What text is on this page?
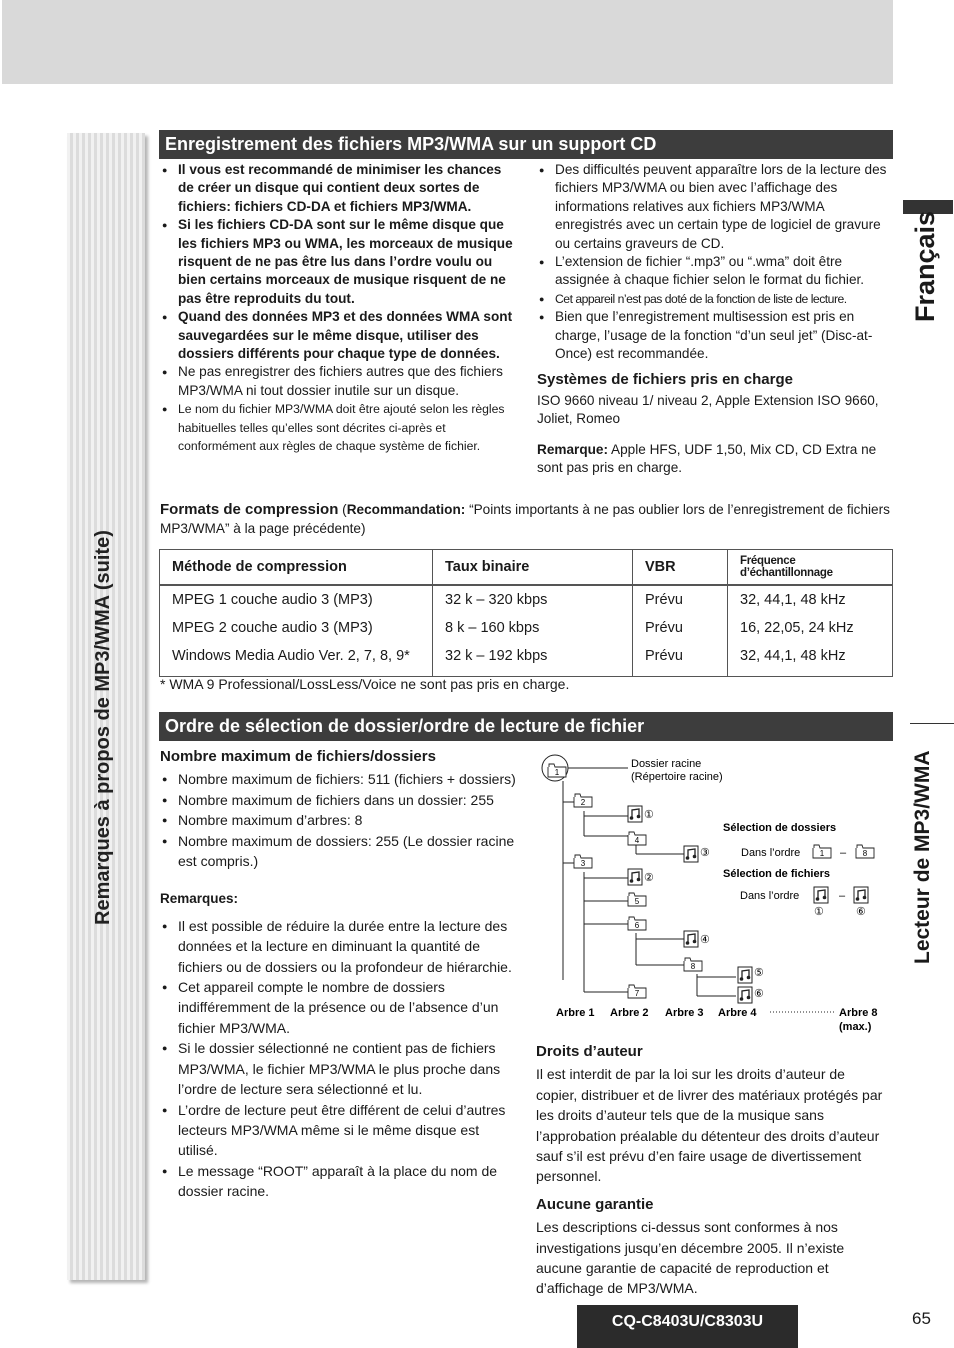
Remarques à propos de MP3/WMA (suite)
Français
Lecteur de MP3/WMA
Enregistrement des fichiers MP3/WMA sur un support CD
● Il vous est recommandé de minimiser les chances de créer un disque qui contient deux sortes de fichiers: fichiers CD-DA et fichiers MP3/WMA.
● Si les fichiers CD-DA sont sur le même disque que les fichiers MP3 ou WMA, les morceaux de musique risquent de ne pas être lus dans l’ordre voulu ou bien certains morceaux de musique risquent de ne pas être reproduits du tout.
● Quand des données MP3 et des données WMA sont sauvegardées sur le même disque, utiliser des dossiers différents pour chaque type de données.
● Ne pas enregistrer des fichiers autres que des fichiers MP3/WMA ni tout dossier inutile sur un disque.
● Le nom du fichier MP3/WMA doit être ajouté selon les règles habituelles telles qu’elles sont décrites ci-après et conformément aux règles de chaque système de fichier.
● Des difficultés peuvent apparaître lors de la lecture des fichiers MP3/WMA ou bien avec l’affichage des informations relatives aux fichiers MP3/WMA enregistrés avec un certain type de logiciel de gravure ou certains graveurs de CD.
● L’extension de fichier “.mp3” ou “.wma” doit être assignée à chaque fichier selon le format du fichier.
● Cet appareil n’est pas doté de la fonction de liste de lecture.
● Bien que l’enregistrement multisession est pris en charge, l’usage de la fonction “d’un seul jet” (Disc-at-Once) est recommandée.
Systèmes de fichiers pris en charge
ISO 9660 niveau 1/ niveau 2, Apple Extension ISO 9660, Joliet, Romeo
Remarque: Apple HFS, UDF 1,50, Mix CD, CD Extra ne sont pas pris en charge.
Formats de compression (Recommandation: “Points importants à ne pas oublier lors de l’enregistrement de fichiers MP3/WMA” à la page précédente)
Méthode de compression	Taux binaire	VBR	Fréquence d’échantillonnage
MPEG 1 couche audio 3 (MP3)	32 k – 320 kbps	Prévu	32, 44,1, 48 kHz
MPEG 2 couche audio 3 (MP3)	8 k – 160 kbps	Prévu	16, 22,05, 24 kHz
Windows Media Audio Ver. 2, 7, 8, 9*	32 k – 192 kbps	Prévu	32, 44,1, 48 kHz
* WMA 9 Professional/LossLess/Voice ne sont pas pris en charge.
Ordre de sélection de dossier/ordre de lecture de fichier
Nombre maximum de fichiers/dossiers
● Nombre maximum de fichiers: 511 (fichiers + dossiers)
● Nombre maximum de fichiers dans un dossier: 255
● Nombre maximum d’arbres: 8
● Nombre maximum de dossiers: 255 (Le dossier racine est compris.)
Remarques:
● Il est possible de réduire la durée entre la lecture des données et la lecture en diminuant la quantité de fichiers ou de dossiers ou la profondeur de hiérarchie.
● Cet appareil compte le nombre de dossiers indifféremment de la présence ou de l’absence d’un fichier MP3/WMA.
● Si le dossier sélectionné ne contient pas de fichiers MP3/WMA, le fichier MP3/WMA le plus proche dans l’ordre de lecture sera sélectionné et lu.
● L’ordre de lecture peut être différent de celui d’autres lecteurs MP3/WMA même si le même disque est utilisé.
● Le message “ROOT” apparaît à la place du nom de dossier racine.
1
2
3
4
5
6
7
8
①
②
③
④
⑤
⑥
Dossier racine
(Répertoire racine)
Sélection de dossiers
Dans l’ordre 1 – 8
Sélection de fichiers
Dans l’ordre	–
①	⑥
Arbre 1 Arbre 2 Arbre 3 Arbre 4	Arbre 8
(max.)
Droits d’auteur
Il est interdit de par la loi sur les droits d’auteur de copier, distribuer et de livrer des matériaux protégés par les droits d’auteur tels que de la musique sans l’approbation préalable du détenteur des droits d’auteur sauf s’il est prévu d’en faire usage de divertissement personnel.
Aucune garantie
Les descriptions ci-dessus sont conformes à nos investigations jusqu’en décembre 2005. Il n’existe aucune garantie de capacité de reproduction et d’affichage de MP3/WMA.
CQ-C8403U/C8303U	65
